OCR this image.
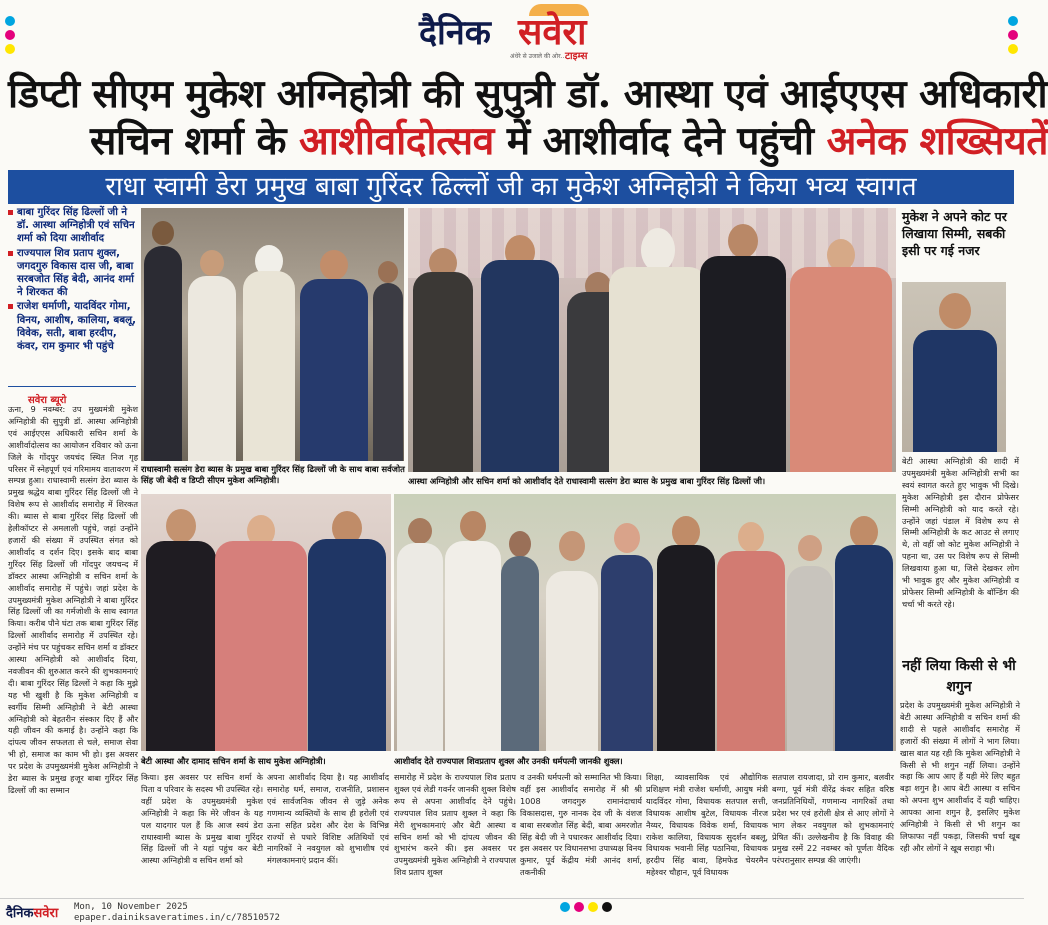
दैनिक सवेरा
अंधेरे से उजाले की ओर...
टाइम्स
डिप्टी सीएम मुकेश अग्निहोत्री की सुपुत्री डॉ. आस्था एवं आईएएस अधिकारी
सचिन शर्मा के आशीर्वादोत्सव में आशीर्वाद देने पहुंची अनेक शख्सियतें
राधा स्वामी डेरा प्रमुख बाबा गुरिंदर ढिल्लों जी का मुकेश अग्निहोत्री ने किया भव्य स्वागत
बाबा गुरिंदर सिंह ढिल्लों जी ने डॉ. आस्था अग्निहोत्री एवं सचिन शर्मा को दिया आशीर्वाद
राज्यपाल शिव प्रताप शुक्ल, जगदगुरु विकास दास जी, बाबा सरबजोत सिंह बेदी, आनंद शर्मा ने शिरकत की
राजेश धर्माणी, यादविंदर गोमा, विनय, आशीष, कालिया, बबलू, विवेक, सती, बाबा हरदीप, कंवर, राम कुमार भी पहुंचे
सवेरा ब्यूरो
ऊना, 9 नवम्बर: उप मुख्यमंत्री मुकेश अग्निहोत्री की सुपुत्री डॉ. आस्था अग्निहोत्री एवं आईएएस अधिकारी सचिन शर्मा के आशीर्वादोत्सव का आयोजन रविवार को ऊना जिले के गोंदपुर जयचंद स्थित निज गृह परिसर में स्नेहपूर्ण एवं गरिमामय वातावरण में सम्पन्न हुआ। राधास्वामी सत्संग डेरा ब्यास के प्रमुख श्रद्धेय बाबा गुरिंदर सिंह ढिल्लों जी ने विशेष रूप से आशीर्वाद समारोह में शिरकत की। ब्यास से बाबा गुरिंदर सिंह ढिल्लों जी हेलीकॉप्टर से अमलाली पहुंचे, जहां उन्होंने हजारों की संख्या में उपस्थित संगत को आशीर्वाद व दर्शन दिए। इसके बाद बाबा गुरिंदर सिंह ढिल्लों जी गोंदपुर जयचन्द में डॉक्टर आस्था अग्निहोत्री व सचिन शर्मा के आशीर्वाद समारोह में पहुंचे। जहां प्रदेश के उपमुख्यमंत्री मुकेश अग्निहोत्री ने बाबा गुरिंदर सिंह ढिल्लों जी का गर्मजोशी के साथ स्वागत किया। करीब पौने घंटा तक बाबा गुरिंदर सिंह ढिल्लों आशीर्वाद समारोह में उपस्थित रहे। उन्होंने मंच पर पहुंचकर सचिन शर्मा व डॉक्टर आस्था अग्निहोत्री को आशीर्वाद दिया, नवजीवन की शुरुआत करने की शुभकामनाएं दी। बाबा गुरिंदर सिंह ढिल्लों ने कहा कि मुझे यह भी खुशी है कि मुकेश अग्निहोत्री व स्वर्गीय सिम्मी अग्निहोत्री ने बेटी आस्था अग्निहोत्री को बेहतरीन संस्कार दिए हैं और यही जीवन की कमाई है। उन्होंने कहा कि दांपत्य जीवन सफलता से चले, समाज सेवा भी हो, समाज का काम भी हो। इस अवसर पर प्रदेश के उपमुख्यमंत्री मुकेश अग्निहोत्री ने डेरा ब्यास के प्रमुख हजूर बाबा गुरिंदर सिंह ढिल्लों जी का सम्मान
राधास्वामी सत्संग डेरा ब्यास के प्रमुख बाबा गुरिंदर सिंह ढिल्लों जी के साथ बाबा सर्वजोत सिंह जी बेदी व डिप्टी सीएम मुकेश अग्निहोत्री।	आस्था अग्निहोत्री और सचिन शर्मा को आशीर्वाद देते राधास्वामी सत्संग डेरा ब्यास के प्रमुख बाबा गुरिंदर सिंह ढिल्लों जी।
बेटी आस्था और दामाद सचिन शर्मा के साथ मुकेश अग्निहोत्री।	आशीर्वाद देते राज्यपाल शिवप्रताप शुक्ल और उनकी धर्मपत्नी जानकी शुक्ल।
किया। इस अवसर पर सचिन शर्मा के पिता व परिवार के सदस्य भी उपस्थित रहे। वहीं प्रदेश के उपमुख्यमंत्री मुकेश अग्निहोत्री ने कहा कि मेरे जीवन के यह पल यादगार पल हैं कि आज स्वयं डेरा राधास्वामी ब्यास के प्रमुख बाबा गुरिंदर सिंह ढिल्लों जी ने यहां पहुंच कर बेटी आस्था अग्निहोत्री व सचिन शर्मा को
अपना आशीर्वाद दिया है। यह आशीर्वाद समारोह धर्म, समाज, राजनीति, प्रशासन एवं सार्वजनिक जीवन से जुड़े अनेक गणमान्य व्यक्तियों के साथ ही हरोली एवं ऊना सहित प्रदेश और देश के विभिन्न राज्यों से पधारे विशिष्ट अतिथियों एवं नागरिकों ने नवयुगल को शुभाशीष एवं मंगलकामनाएं प्रदान कीं।
समारोह में प्रदेश के राज्यपाल शिव प्रताप शुक्ल एवं लेडी गवर्नर जानकी शुक्ल विशेष रूप से अपना आशीर्वाद देने पहुंचे। राज्यपाल शिव प्रताप शुक्ल ने कहा कि मेरी शुभकामनाएं और बेटी आस्था व सचिन शर्मा को भी दांपत्य जीवन की शुभारंभ करने की। इस अवसर पर उपमुख्यमंत्री मुकेश अग्निहोत्री ने राज्यपाल शिव प्रताप शुक्ल
व उनकी धर्मपत्नी को सम्मानित भी किया। वहीं इस आशीर्वाद समारोह में श्री श्री 1008 जगदगुरु रामानंदाचार्य विकासदास, गुरु नानक देव जी के वंशज बाबा सरबजोत सिंह बेदी, बाबा अमरजोत सिंह बेदी जी ने पधारकर आशीर्वाद दिया। इस अवसर पर विधानसभा उपाध्यक्ष विनय कुमार, पूर्व केंद्रीय मंत्री आनंद शर्मा, तकनीकी
शिक्षा, व्यावसायिक एवं औद्योगिक प्रशिक्षण मंत्री राजेश धर्माणी, आयुष मंत्री यादविंदर गोमा, विधायक सतपाल सत्ती, विधायक आशीष बुटेल, विधायक नीरज नैय्यर, विधायक विवेक शर्मा, विधायक राकेश कालिया, विधायक सुदर्शन बबलू, विधायक भवानी सिंह पठानिया, विधायक हरदीप सिंह बावा, हिमफेड चेयरमैन महेश्वर चौहान, पूर्व विधायक
सतपाल रायजादा, प्रो राम कुमार, बलवीर बग्गा, पूर्व मंत्री वीरेंद्र कंवर सहित वरिष्ठ जनप्रतिनिधियों, गणमान्य नागरिकों तथा प्रदेश भर एवं हरोली क्षेत्र से आए लोगों ने भाग लेकर नवयुगल को शुभकामनाएं प्रेषित कीं। उल्लेखनीय है कि विवाह की प्रमुख रस्में 22 नवम्बर को पूर्णतः वैदिक परंपरानुसार सम्पन्न की जाएंगी।
मुकेश ने अपने कोट पर लिखाया सिम्मी, सबकी इसी पर गई नजर
बेटी आस्था अग्निहोत्री की शादी में उपमुख्यमंत्री मुकेश अग्निहोत्री सभी का स्वयं स्वागत करते हुए भावुक भी दिखे। मुकेश अग्निहोत्री इस दौरान प्रोफेसर सिम्मी अग्निहोत्री को याद करते रहे। उन्होंने जहां पंडाल में विशेष रूप से सिम्मी अग्निहोत्री के कट आउट से लगाए थे, तो वहीं जो कोट मुकेश अग्निहोत्री ने पहना था, उस पर विशेष रूप से सिम्मी लिखवाया हुआ था, जिसे देखकर लोग भी भावुक हुए और मुकेश अग्निहोत्री व प्रोफेसर सिम्मी अग्निहोत्री के बॉन्डिंग की चर्चा भी करते रहे।
नहीं लिया किसी से भी शगुन
प्रदेश के उपमुख्यमंत्री मुकेश अग्निहोत्री ने बेटी आस्था अग्निहोत्री व सचिन शर्मा की शादी से पहले आशीर्वाद समारोह में हजारों की संख्या में लोगों ने भाग लिया। खास बात यह रही कि मुकेश अग्निहोत्री ने किसी से भी शगुन नहीं लिया। उन्होंने कहा कि आप आए हैं यही मेरे लिए बहुत बड़ा शगुन है। आप बेटी आस्था व सचिन को अपना शुभ आशीर्वाद दें यही चाहिए। आपका आना शगुन है, इसलिए मुकेश अग्निहोत्री ने किसी से भी शगुन का लिफाफा नहीं पकड़ा, जिसकी चर्चा खूब रही और लोगों ने खूब सराहा भी।
दैनिकसवेरा Mon, 10 November 2025
epaper.dainiksaveratimes.in/c/78510572
